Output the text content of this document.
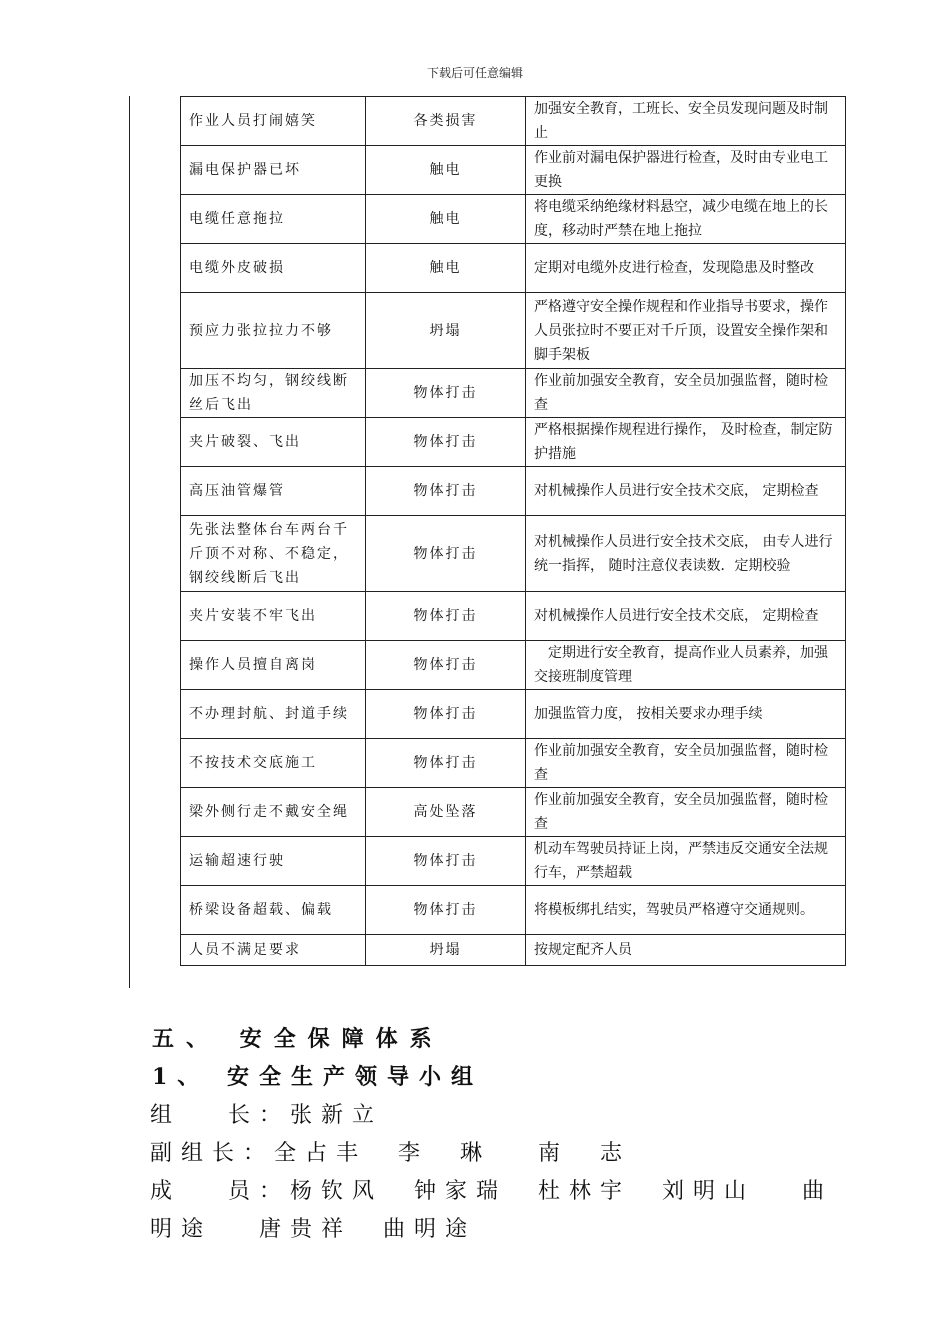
下载后可任意编辑
作业人员打闹嬉笑	各类损害	加强安全教育，工班长、安全员发现问题及时制止
漏电保护器已坏	触电	作业前对漏电保护器进行检查，及时由专业电工更换
电缆任意拖拉	触电	将电缆采纳绝缘材料悬空，减少电缆在地上的长度，移动时严禁在地上拖拉
电缆外皮破损	触电	定期对电缆外皮进行检查，发现隐患及时整改
预应力张拉拉力不够	坍塌	严格遵守安全操作规程和作业指导书要求，操作人员张拉时不要正对千斤顶，设置安全操作架和脚手架板
加压不均匀，钢绞线断丝后飞出	物体打击	作业前加强安全教育，安全员加强监督，随时检查
夹片破裂、飞出	物体打击	严格根据操作规程进行操作， 及时检查，制定防护措施
高压油管爆管	物体打击	对机械操作人员进行安全技术交底， 定期检查
先张法整体台车两台千斤顶不对称、不稳定，钢绞线断后飞出	物体打击	对机械操作人员进行安全技术交底， 由专人进行统一指挥， 随时注意仪表读数．定期校验
夹片安装不牢飞出	物体打击	对机械操作人员进行安全技术交底， 定期检查
操作人员擅自离岗	物体打击	　定期进行安全教育，提高作业人员素养，加强交接班制度管理
不办理封航、封道手续	物体打击	加强监管力度， 按相关要求办理手续
不按技术交底施工	物体打击	作业前加强安全教育，安全员加强监督，随时检查
梁外侧行走不戴安全绳	高处坠落	作业前加强安全教育，安全员加强监督，随时检查
运输超速行驶	物体打击	机动车驾驶员持证上岗，严禁违反交通安全法规行车，严禁超载
桥梁设备超载、偏载	物体打击	将模板绑扎结实，驾驶员严格遵守交通规则。
人员不满足要求	坍塌	按规定配齐人员
五、 安全保障体系
1、 安全生产领导小组
组　 长：张新立
副组长：全占丰　李　琳　 南　志
成　 员：杨钦风　钟家瑞　杜林宇　刘明山　 曲
明途　 唐贵祥　曲明途
